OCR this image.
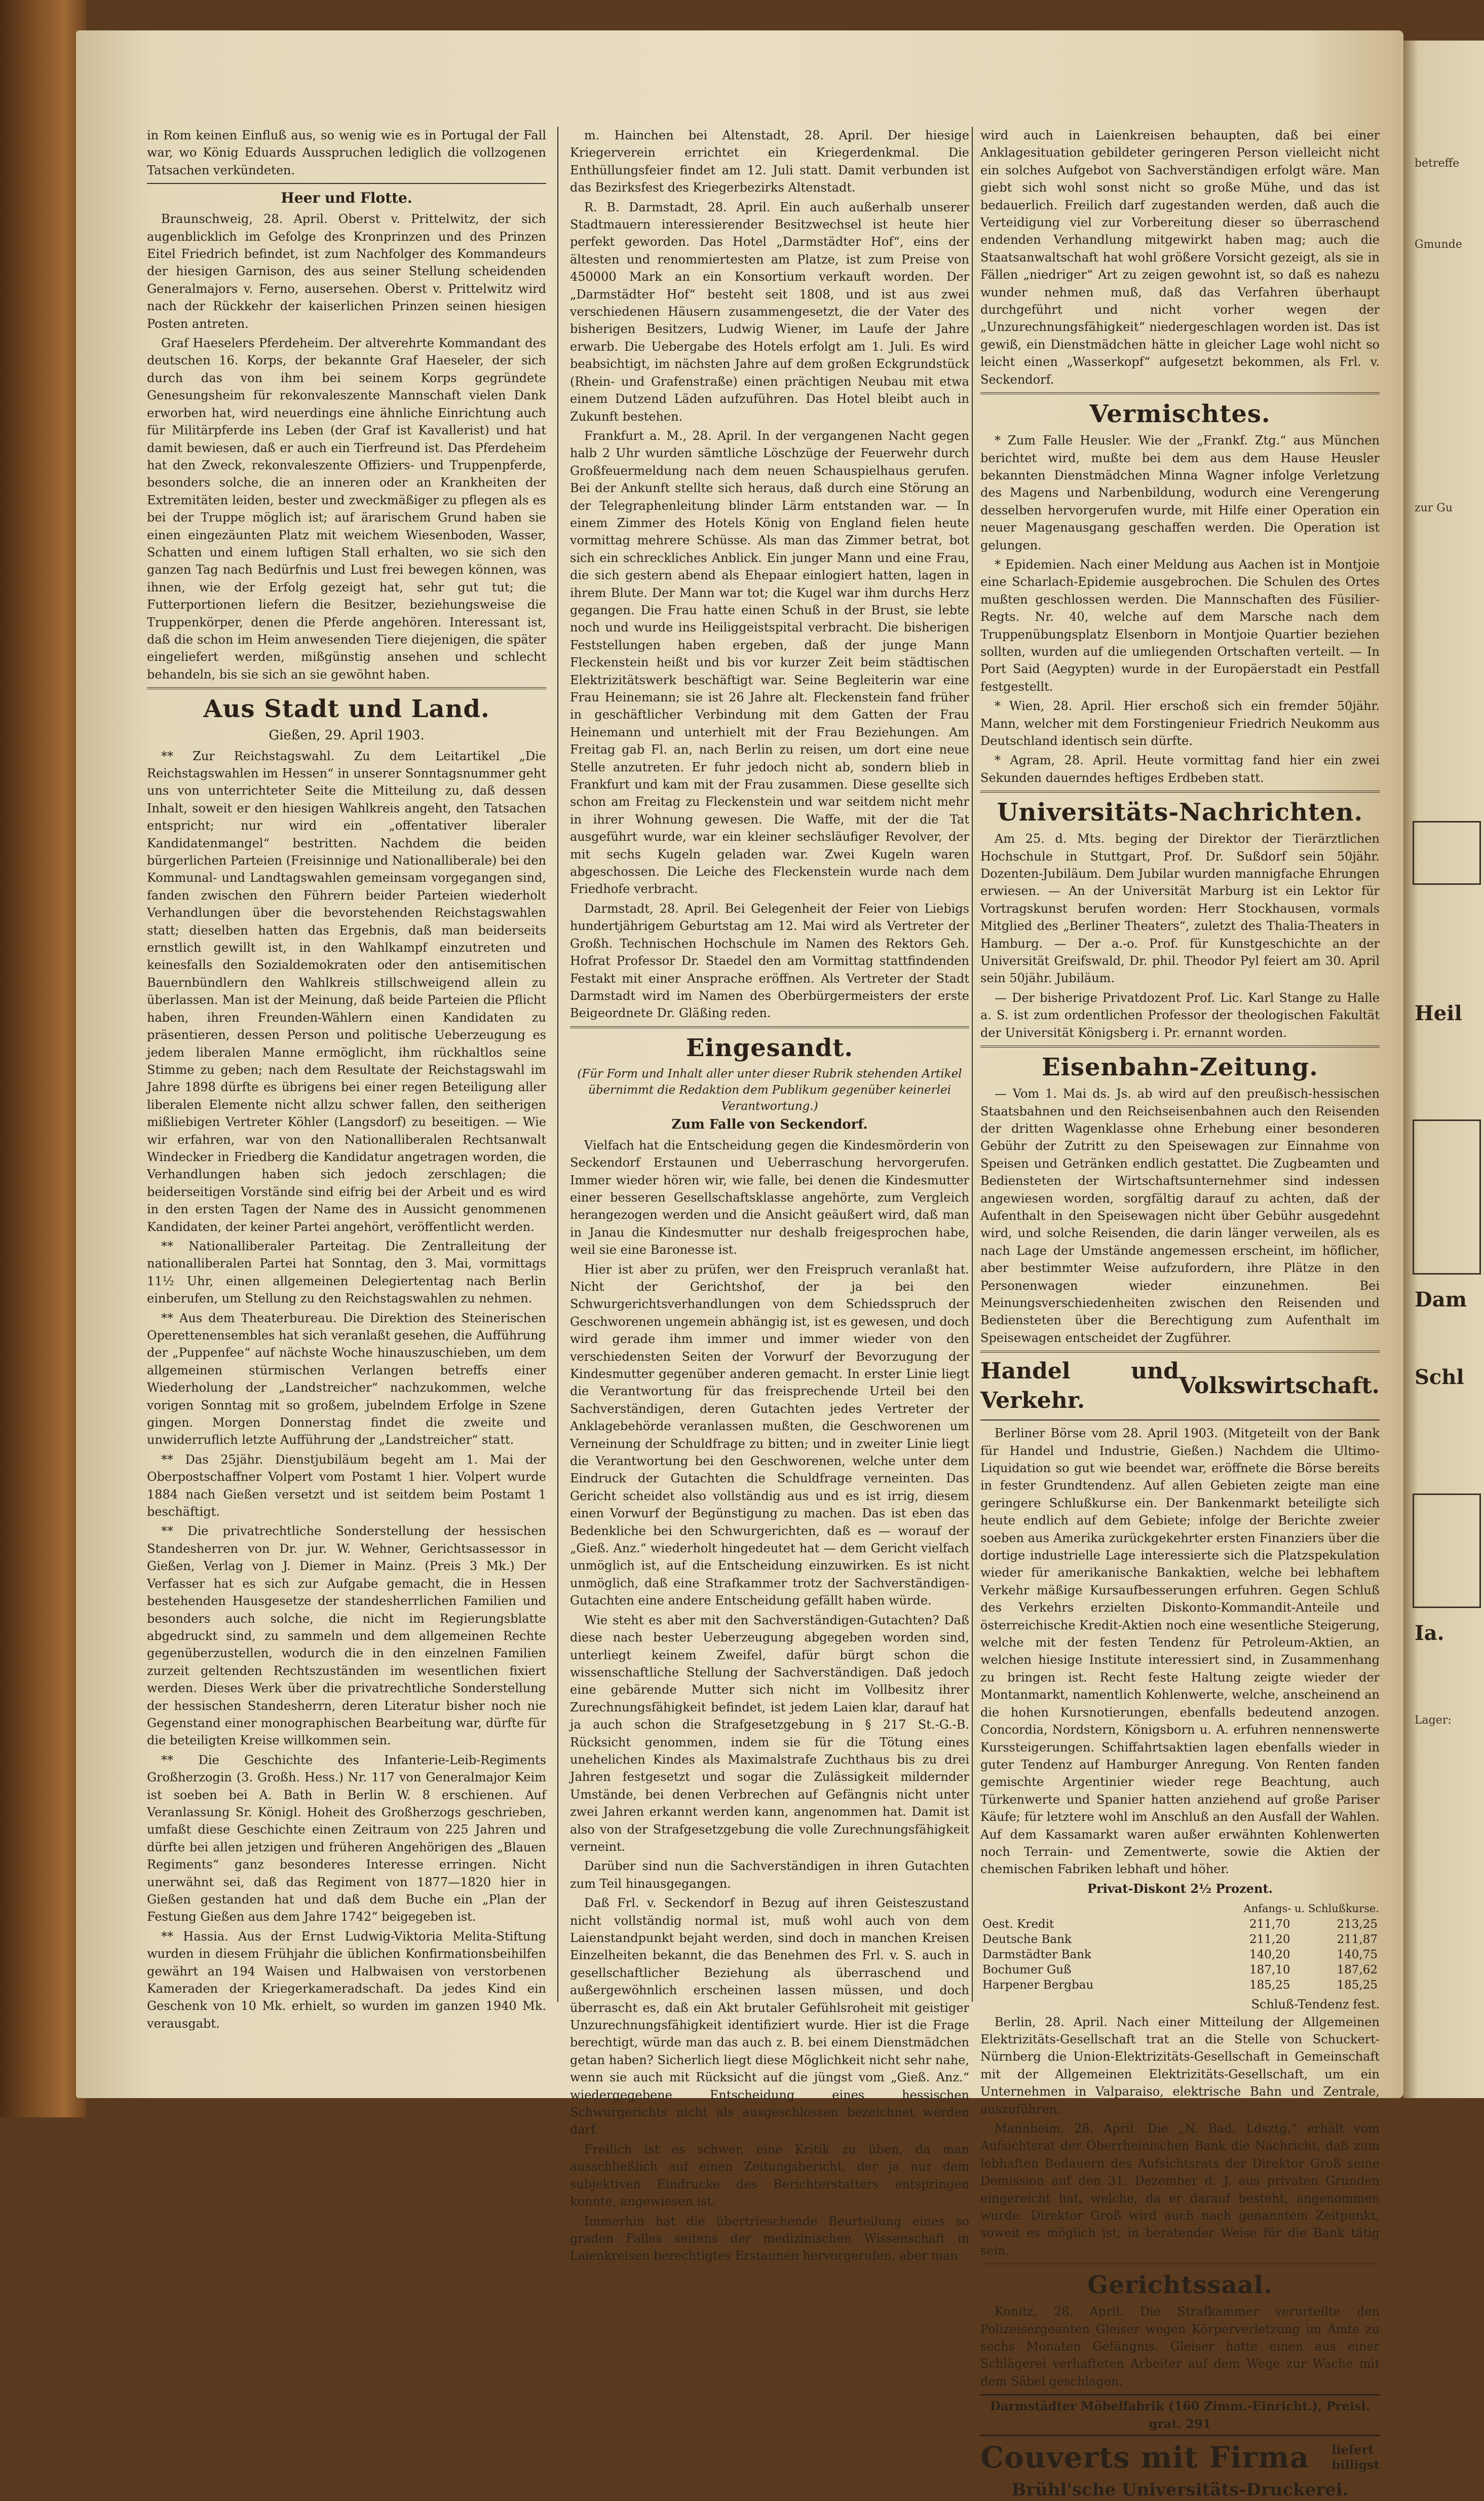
in Rom keinen Einfluß aus, so wenig wie es in Portugal der Fall war, wo König Eduards Ausspruchen lediglich die vollzogenen Tatsachen verkündeten.

Heer und Flotte.

Braunschweig, 28. April. Oberst v. Prittelwitz, der sich augenblicklich im Gefolge des Kronprinzen und des Prinzen Eitel Friedrich befindet, ist zum Nachfolger des Kommandeurs der hiesigen Garnison, des aus seiner Stellung scheidenden Generalmajors v. Ferno, ausersehen. Oberst v. Prittelwitz wird nach der Rückkehr der kaiserlichen Prinzen seinen hiesigen Posten antreten.

Graf Haeselers Pferdeheim. Der altverehrte Kommandant des deutschen 16. Korps, der bekannte Graf Haeseler, der sich durch das von ihm bei seinem Korps gegründete Genesungsheim für rekonvaleszente Mannschaft vielen Dank erworben hat, wird neuerdings eine ähnliche Einrichtung auch für Militärpferde ins Leben (der Graf ist Kavallerist) und hat damit bewiesen, daß er auch ein Tierfreund ist. Das Pferdeheim hat den Zweck, rekonvaleszente Offiziers- und Truppenpferde, besonders solche, die an inneren oder an Krankheiten der Extremitäten leiden, bester und zweckmäßiger zu pflegen als es bei der Truppe möglich ist; auf ärarischem Grund haben sie einen eingezäunten Platz mit weichem Wiesenboden, Wasser, Schatten und einem luftigen Stall erhalten, wo sie sich den ganzen Tag nach Bedürfnis und Lust frei bewegen können, was ihnen, wie der Erfolg gezeigt hat, sehr gut tut; die Futterportionen liefern die Besitzer, beziehungsweise die Truppenkörper, denen die Pferde angehören. Interessant ist, daß die schon im Heim anwesenden Tiere diejenigen, die später eingeliefert werden, mißgünstig ansehen und schlecht behandeln, bis sie sich an sie gewöhnt haben.

Aus Stadt und Land.
Gießen, 29. April 1903.

** Zur Reichstagswahl. Zu dem Leitartikel „Die Reichstagswahlen im Hessen“ in unserer Sonntagsnummer geht uns von unterrichteter Seite die Mitteilung zu, daß dessen Inhalt, soweit er den hiesigen Wahlkreis angeht, den Tatsachen entspricht; nur wird ein „offentativer liberaler Kandidatenmangel“ bestritten. Nachdem die beiden bürgerlichen Parteien (Freisinnige und Nationalliberale) bei den Kommunal- und Landtagswahlen gemeinsam vorgegangen sind, fanden zwischen den Führern beider Parteien wiederholt Verhandlungen über die bevorstehenden Reichstagswahlen statt; dieselben hatten das Ergebnis, daß man beiderseits ernstlich gewillt ist, in den Wahlkampf einzutreten und keinesfalls den Sozialdemokraten oder den antisemitischen Bauernbündlern den Wahlkreis stillschweigend allein zu überlassen. Man ist der Meinung, daß beide Parteien die Pflicht haben, ihren Freunden-Wählern einen Kandidaten zu präsentieren, dessen Person und politische Ueberzeugung es jedem liberalen Manne ermöglicht, ihm rückhaltlos seine Stimme zu geben; nach dem Resultate der Reichstagswahl im Jahre 1898 dürfte es übrigens bei einer regen Beteiligung aller liberalen Elemente nicht allzu schwer fallen, den seitherigen mißliebigen Vertreter Köhler (Langsdorf) zu beseitigen. — Wie wir erfahren, war von den Nationalliberalen Rechtsanwalt Windecker in Friedberg die Kandidatur angetragen worden, die Verhandlungen haben sich jedoch zerschlagen; die beiderseitigen Vorstände sind eifrig bei der Arbeit und es wird in den ersten Tagen der Name des in Aussicht genommenen Kandidaten, der keiner Partei angehört, veröffentlicht werden.

** Nationalliberaler Parteitag. Die Zentralleitung der nationalliberalen Partei hat Sonntag, den 3. Mai, vormittags 11½ Uhr, einen allgemeinen Delegiertentag nach Berlin einberufen, um Stellung zu den Reichstagswahlen zu nehmen.

** Aus dem Theaterbureau. Die Direktion des Steinerischen Operettenensembles hat sich veranlaßt gesehen, die Aufführung der „Puppenfee“ auf nächste Woche hinauszuschieben, um dem allgemeinen stürmischen Verlangen betreffs einer Wiederholung der „Landstreicher“ nachzukommen, welche vorigen Sonntag mit so großem, jubelndem Erfolge in Szene gingen. Morgen Donnerstag findet die zweite und unwiderruflich letzte Aufführung der „Landstreicher“ statt.

** Das 25jähr. Dienstjubiläum begeht am 1. Mai der Oberpostschaffner Volpert vom Postamt 1 hier. Volpert wurde 1884 nach Gießen versetzt und ist seitdem beim Postamt 1 beschäftigt.

** Die privatrechtliche Sonderstellung der hessischen Standesherren von Dr. jur. W. Wehner, Gerichtsassessor in Gießen, Verlag von J. Diemer in Mainz. (Preis 3 Mk.) Der Verfasser hat es sich zur Aufgabe gemacht, die in Hessen bestehenden Hausgesetze der standesherrlichen Familien und besonders auch solche, die nicht im Regierungsblatte abgedruckt sind, zu sammeln und dem allgemeinen Rechte gegenüberzustellen, wodurch die in den einzelnen Familien zurzeit geltenden Rechtszuständen im wesentlichen fixiert werden. Dieses Werk über die privatrechtliche Sonderstellung der hessischen Standesherrn, deren Literatur bisher noch nie Gegenstand einer monographischen Bearbeitung war, dürfte für die beteiligten Kreise willkommen sein.

** Die Geschichte des Infanterie-Leib-Regiments Großherzogin (3. Großh. Hess.) Nr. 117 von Generalmajor Keim ist soeben bei A. Bath in Berlin W. 8 erschienen. Auf Veranlassung Sr. Königl. Hoheit des Großherzogs geschrieben, umfaßt diese Geschichte einen Zeitraum von 225 Jahren und dürfte bei allen jetzigen und früheren Angehörigen des „Blauen Regiments“ ganz besonderes Interesse erringen. Nicht unerwähnt sei, daß das Regiment von 1877—1820 hier in Gießen gestanden hat und daß dem Buche ein „Plan der Festung Gießen aus dem Jahre 1742“ beigegeben ist.

** Hassia. Aus der Ernst Ludwig-Viktoria Melita-Stiftung wurden in diesem Frühjahr die üblichen Konfirmationsbeihilfen gewährt an 194 Waisen und Halbwaisen von verstorbenen Kameraden der Kriegerkameradschaft. Da jedes Kind ein Geschenk von 10 Mk. erhielt, so wurden im ganzen 1940 Mk. verausgabt.

m. Hainchen bei Altenstadt, 28. April. Der hiesige Kriegerverein errichtet ein Kriegerdenkmal. Die Enthüllungsfeier findet am 12. Juli statt. Damit verbunden ist das Bezirksfest des Kriegerbezirks Altenstadt.

R. B. Darmstadt, 28. April. Ein auch außerhalb unserer Stadtmauern interessierender Besitzwechsel ist heute hier perfekt geworden. Das Hotel „Darmstädter Hof“, eins der ältesten und renommiertesten am Platze, ist zum Preise von 450000 Mark an ein Konsortium verkauft worden. Der „Darmstädter Hof“ besteht seit 1808, und ist aus zwei verschiedenen Häusern zusammengesetzt, die der Vater des bisherigen Besitzers, Ludwig Wiener, im Laufe der Jahre erwarb. Die Uebergabe des Hotels erfolgt am 1. Juli. Es wird beabsichtigt, im nächsten Jahre auf dem großen Eckgrundstück (Rhein- und Grafenstraße) einen prächtigen Neubau mit etwa einem Dutzend Läden aufzuführen. Das Hotel bleibt auch in Zukunft bestehen.

Frankfurt a. M., 28. April. In der vergangenen Nacht gegen halb 2 Uhr wurden sämtliche Löschzüge der Feuerwehr durch Großfeuermeldung nach dem neuen Schauspielhaus gerufen. Bei der Ankunft stellte sich heraus, daß durch eine Störung an der Telegraphenleitung blinder Lärm entstanden war. — In einem Zimmer des Hotels König von England fielen heute vormittag mehrere Schüsse. Als man das Zimmer betrat, bot sich ein schreckliches Anblick. Ein junger Mann und eine Frau, die sich gestern abend als Ehepaar einlogiert hatten, lagen in ihrem Blute. Der Mann war tot; die Kugel war ihm durchs Herz gegangen. Die Frau hatte einen Schuß in der Brust, sie lebte noch und wurde ins Heiliggeistspital verbracht. Die bisherigen Feststellungen haben ergeben, daß der junge Mann Fleckenstein heißt und bis vor kurzer Zeit beim städtischen Elektrizitätswerk beschäftigt war. Seine Begleiterin war eine Frau Heinemann; sie ist 26 Jahre alt. Fleckenstein fand früher in geschäftlicher Verbindung mit dem Gatten der Frau Heinemann und unterhielt mit der Frau Beziehungen. Am Freitag gab Fl. an, nach Berlin zu reisen, um dort eine neue Stelle anzutreten. Er fuhr jedoch nicht ab, sondern blieb in Frankfurt und kam mit der Frau zusammen. Diese gesellte sich schon am Freitag zu Fleckenstein und war seitdem nicht mehr in ihrer Wohnung gewesen. Die Waffe, mit der die Tat ausgeführt wurde, war ein kleiner sechsläufiger Revolver, der mit sechs Kugeln geladen war. Zwei Kugeln waren abgeschossen. Die Leiche des Fleckenstein wurde nach dem Friedhofe verbracht.

Darmstadt, 28. April. Bei Gelegenheit der Feier von Liebigs hundertjährigem Geburtstag am 12. Mai wird als Vertreter der Großh. Technischen Hochschule im Namen des Rektors Geh. Hofrat Professor Dr. Staedel den am Vormittag stattfindenden Festakt mit einer Ansprache eröffnen. Als Vertreter der Stadt Darmstadt wird im Namen des Oberbürgermeisters der erste Beigeordnete Dr. Gläßing reden.

Eingesandt.
(Für Form und Inhalt aller unter dieser Rubrik stehenden Artikel übernimmt die Redaktion dem Publikum gegenüber keinerlei Verantwortung.)
Zum Falle von Seckendorf.

Vielfach hat die Entscheidung gegen die Kindesmörderin von Seckendorf Erstaunen und Ueberraschung hervorgerufen. Immer wieder hören wir, wie falle, bei denen die Kindesmutter einer besseren Gesellschaftsklasse angehörte, zum Vergleich herangezogen werden und die Ansicht geäußert wird, daß man in Janau die Kindesmutter nur deshalb freigesprochen habe, weil sie eine Baronesse ist.

Hier ist aber zu prüfen, wer den Freispruch veranlaßt hat. Nicht der Gerichtshof, der ja bei den Schwurgerichtsverhandlungen von dem Schiedsspruch der Geschworenen ungemein abhängig ist, ist es gewesen, und doch wird gerade ihm immer und immer wieder von den verschiedensten Seiten der Vorwurf der Bevorzugung der Kindesmutter gegenüber anderen gemacht. In erster Linie liegt die Verantwortung für das freisprechende Urteil bei den Sachverständigen, deren Gutachten jedes Vertreter der Anklagebehörde veranlassen mußten, die Geschworenen um Verneinung der Schuldfrage zu bitten; und in zweiter Linie liegt die Verantwortung bei den Geschworenen, welche unter dem Eindruck der Gutachten die Schuldfrage verneinten. Das Gericht scheidet also vollständig aus und es ist irrig, diesem einen Vorwurf der Begünstigung zu machen. Das ist eben das Bedenkliche bei den Schwurgerichten, daß es — worauf der „Gieß. Anz.“ wiederholt hingedeutet hat — dem Gericht vielfach unmöglich ist, auf die Entscheidung einzuwirken. Es ist nicht unmöglich, daß eine Strafkammer trotz der Sachverständigen-Gutachten eine andere Entscheidung gefällt haben würde.

Wie steht es aber mit den Sachverständigen-Gutachten? Daß diese nach bester Ueberzeugung abgegeben worden sind, unterliegt keinem Zweifel, dafür bürgt schon die wissenschaftliche Stellung der Sachverständigen. Daß jedoch eine gebärende Mutter sich nicht im Vollbesitz ihrer Zurechnungsfähigkeit befindet, ist jedem Laien klar, darauf hat ja auch schon die Strafgesetzgebung in § 217 St.-G.-B. Rücksicht genommen, indem sie für die Tötung eines unehelichen Kindes als Maximalstrafe Zuchthaus bis zu drei Jahren festgesetzt und sogar die Zulässigkeit mildernder Umstände, bei denen Verbrechen auf Gefängnis nicht unter zwei Jahren erkannt werden kann, angenommen hat. Damit ist also von der Strafgesetzgebung die volle Zurechnungsfähigkeit verneint.

Darüber sind nun die Sachverständigen in ihren Gutachten zum Teil hinausgegangen.

Daß Frl. v. Seckendorf in Bezug auf ihren Geisteszustand nicht vollständig normal ist, muß wohl auch von dem Laienstandpunkt bejaht werden, sind doch in manchen Kreisen Einzelheiten bekannt, die das Benehmen des Frl. v. S. auch in gesellschaftlicher Beziehung als überraschend und außergewöhnlich erscheinen lassen müssen, und doch überrascht es, daß ein Akt brutaler Gefühlsroheit mit geistiger Unzurechnungsfähigkeit identifiziert wurde. Hier ist die Frage berechtigt, würde man das auch z. B. bei einem Dienstmädchen getan haben? Sicherlich liegt diese Möglichkeit nicht sehr nahe, wenn sie auch mit Rücksicht auf die jüngst vom „Gieß. Anz.“ wiedergegebene Entscheidung eines hessischen Schwurgerichts nicht als ausgeschlossen bezeichnet werden darf.

Freilich ist es schwer, eine Kritik zu üben, da man ausschließlich auf einen Zeitungsbericht, der ja nur dem subjektiven Eindrucke des Berichterstatters entspringen konnte, angewiesen ist.

Immerhin hat die übertrieschende Beurteilung eines so graden Falles seitens der medizinischen Wissenschaft in Laienkreisen berechtigtes Erstaunen hervorgerufen, aber man

wird auch in Laienkreisen behaupten, daß bei einer Anklagesituation gebildeter geringeren Person vielleicht nicht ein solches Aufgebot von Sachverständigen erfolgt wäre. Man giebt sich wohl sonst nicht so große Mühe, und das ist bedauerlich. Freilich darf zugestanden werden, daß auch die Verteidigung viel zur Vorbereitung dieser so überraschend endenden Verhandlung mitgewirkt haben mag; auch die Staatsanwaltschaft hat wohl größere Vorsicht gezeigt, als sie in Fällen „niedriger“ Art zu zeigen gewohnt ist, so daß es nahezu wunder nehmen muß, daß das Verfahren überhaupt durchgeführt und nicht vorher wegen der „Unzurechnungsfähigkeit“ niedergeschlagen worden ist. Das ist gewiß, ein Dienstmädchen hätte in gleicher Lage wohl nicht so leicht einen „Wasserkopf“ aufgesetzt bekommen, als Frl. v. Seckendorf.

Vermischtes.

* Zum Falle Heusler. Wie der „Frankf. Ztg.“ aus München berichtet wird, mußte bei dem aus dem Hause Heusler bekannten Dienstmädchen Minna Wagner infolge Verletzung des Magens und Narbenbildung, wodurch eine Verengerung desselben hervorgerufen wurde, mit Hilfe einer Operation ein neuer Magenausgang geschaffen werden. Die Operation ist gelungen.

* Epidemien. Nach einer Meldung aus Aachen ist in Montjoie eine Scharlach-Epidemie ausgebrochen. Die Schulen des Ortes mußten geschlossen werden. Die Mannschaften des Füsilier-Regts. Nr. 40, welche auf dem Marsche nach dem Truppenübungsplatz Elsenborn in Montjoie Quartier beziehen sollten, wurden auf die umliegenden Ortschaften verteilt. — In Port Said (Aegypten) wurde in der Europäerstadt ein Pestfall festgestellt.

* Wien, 28. April. Hier erschoß sich ein fremder 50jähr. Mann, welcher mit dem Forstingenieur Friedrich Neukomm aus Deutschland identisch sein dürfte.

* Agram, 28. April. Heute vormittag fand hier ein zwei Sekunden dauerndes heftiges Erdbeben statt.

Universitäts-Nachrichten.

Am 25. d. Mts. beging der Direktor der Tierärztlichen Hochschule in Stuttgart, Prof. Dr. Sußdorf sein 50jähr. Dozenten-Jubiläum. Dem Jubilar wurden mannigfache Ehrungen erwiesen. — An der Universität Marburg ist ein Lektor für Vortragskunst berufen worden: Herr Stockhausen, vormals Mitglied des „Berliner Theaters“, zuletzt des Thalia-Theaters in Hamburg. — Der a.-o. Prof. für Kunstgeschichte an der Universität Greifswald, Dr. phil. Theodor Pyl feiert am 30. April sein 50jähr. Jubiläum.

— Der bisherige Privatdozent Prof. Lic. Karl Stange zu Halle a. S. ist zum ordentlichen Professor der theologischen Fakultät der Universität Königsberg i. Pr. ernannt worden.

Eisenbahn-Zeitung.

— Vom 1. Mai ds. Js. ab wird auf den preußisch-hessischen Staatsbahnen und den Reichseisenbahnen auch den Reisenden der dritten Wagenklasse ohne Erhebung einer besonderen Gebühr der Zutritt zu den Speisewagen zur Einnahme von Speisen und Getränken endlich gestattet. Die Zugbeamten und Bediensteten der Wirtschaftsunternehmer sind indessen angewiesen worden, sorgfältig darauf zu achten, daß der Aufenthalt in den Speisewagen nicht über Gebühr ausgedehnt wird, und solche Reisenden, die darin länger verweilen, als es nach Lage der Umstände angemessen erscheint, im höflicher, aber bestimmter Weise aufzufordern, ihre Plätze in den Personenwagen wieder einzunehmen. Bei Meinungsverschiedenheiten zwischen den Reisenden und Bediensteten über die Berechtigung zum Aufenthalt im Speisewagen entscheidet der Zugführer.

Handel und Verkehr.
Volkswirtschaft.

Berliner Börse vom 28. April 1903. (Mitgeteilt von der Bank für Handel und Industrie, Gießen.) Nachdem die Ultimo-Liquidation so gut wie beendet war, eröffnete die Börse bereits in fester Grundtendenz. Auf allen Gebieten zeigte man eine geringere Schlußkurse ein. Der Bankenmarkt beteiligte sich heute endlich auf dem Gebiete; infolge der Berichte zweier soeben aus Amerika zurückgekehrter ersten Finanziers über die dortige industrielle Lage interessierte sich die Platzspekulation wieder für amerikanische Bankaktien, welche bei lebhaftem Verkehr mäßige Kursaufbesserungen erfuhren. Gegen Schluß des Verkehrs erzielten Diskonto-Kommandit-Anteile und österreichische Kredit-Aktien noch eine wesentliche Steigerung, welche mit der festen Tendenz für Petroleum-Aktien, an welchen hiesige Institute interessiert sind, in Zusammenhang zu bringen ist. Recht feste Haltung zeigte wieder der Montanmarkt, namentlich Kohlenwerte, welche, anscheinend an die hohen Kursnotierungen, ebenfalls bedeutend anzogen. Concordia, Nordstern, Königsborn u. A. erfuhren nennenswerte Kurssteigerungen. Schiffahrtsaktien lagen ebenfalls wieder in guter Tendenz auf Hamburger Anregung. Von Renten fanden gemischte Argentinier wieder rege Beachtung, auch Türkenwerte und Spanier hatten anziehend auf große Pariser Käufe; für letztere wohl im Anschluß an den Ausfall der Wahlen. Auf dem Kassamarkt waren außer erwähnten Kohlenwerten noch Terrain- und Zementwerte, sowie die Aktien der chemischen Fabriken lebhaft und höher.

Privat-Diskont 2½ Prozent.
Anfangs- u. Schlußkurse.		
Oest. Kredit	211,70	213,25
Deutsche Bank	211,20	211,87
Darmstädter Bank	140,20	140,75
Bochumer Guß	187,10	187,62
Harpener Bergbau	185,25	185,25
Schluß-Tendenz fest.

Berlin, 28. April. Nach einer Mitteilung der Allgemeinen Elektrizitäts-Gesellschaft trat an die Stelle von Schuckert-Nürnberg die Union-Elektrizitäts-Gesellschaft in Gemeinschaft mit der Allgemeinen Elektrizitäts-Gesellschaft, um ein Unternehmen in Valparaiso, elektrische Bahn und Zentrale, auszuführen.

Mannheim, 28. April. Die „N. Bad. Ldsztg.“ erhält vom Aufsichtsrat der Oberrheinischen Bank die Nachricht, daß zum lebhaften Bedauern des Aufsichtsrats der Direktor Groß seine Demission auf den 31. Dezember d. J. aus privaten Gründen eingereicht hat, welche, da er darauf besteht, angenommen wurde. Direktor Groß wird auch nach genanntem Zeitpunkt, soweit es möglich ist, in beratender Weise für die Bank tätig sein.

Gerichtssaal.

Konitz, 28. April. Die Strafkammer verurteilte den Polizeisergeanten Gleiser wegen Körperverletzung im Amte zu sechs Monaten Gefängnis. Gleiser hatte einen aus einer Schlägerei verhafteten Arbeiter auf dem Wege zur Wache mit dem Säbel geschlagen.

Darmstädter Möbelfabrik (160 Zimm.-Einricht.), Preisl. grat. 291
Couverts mit Firma liefert
billigst
Brühl'sche Universitäts-Druckerei.
betreffe
Gmunde
zur Gu
Heil
Dam
Schl
Ia.
Lager:
